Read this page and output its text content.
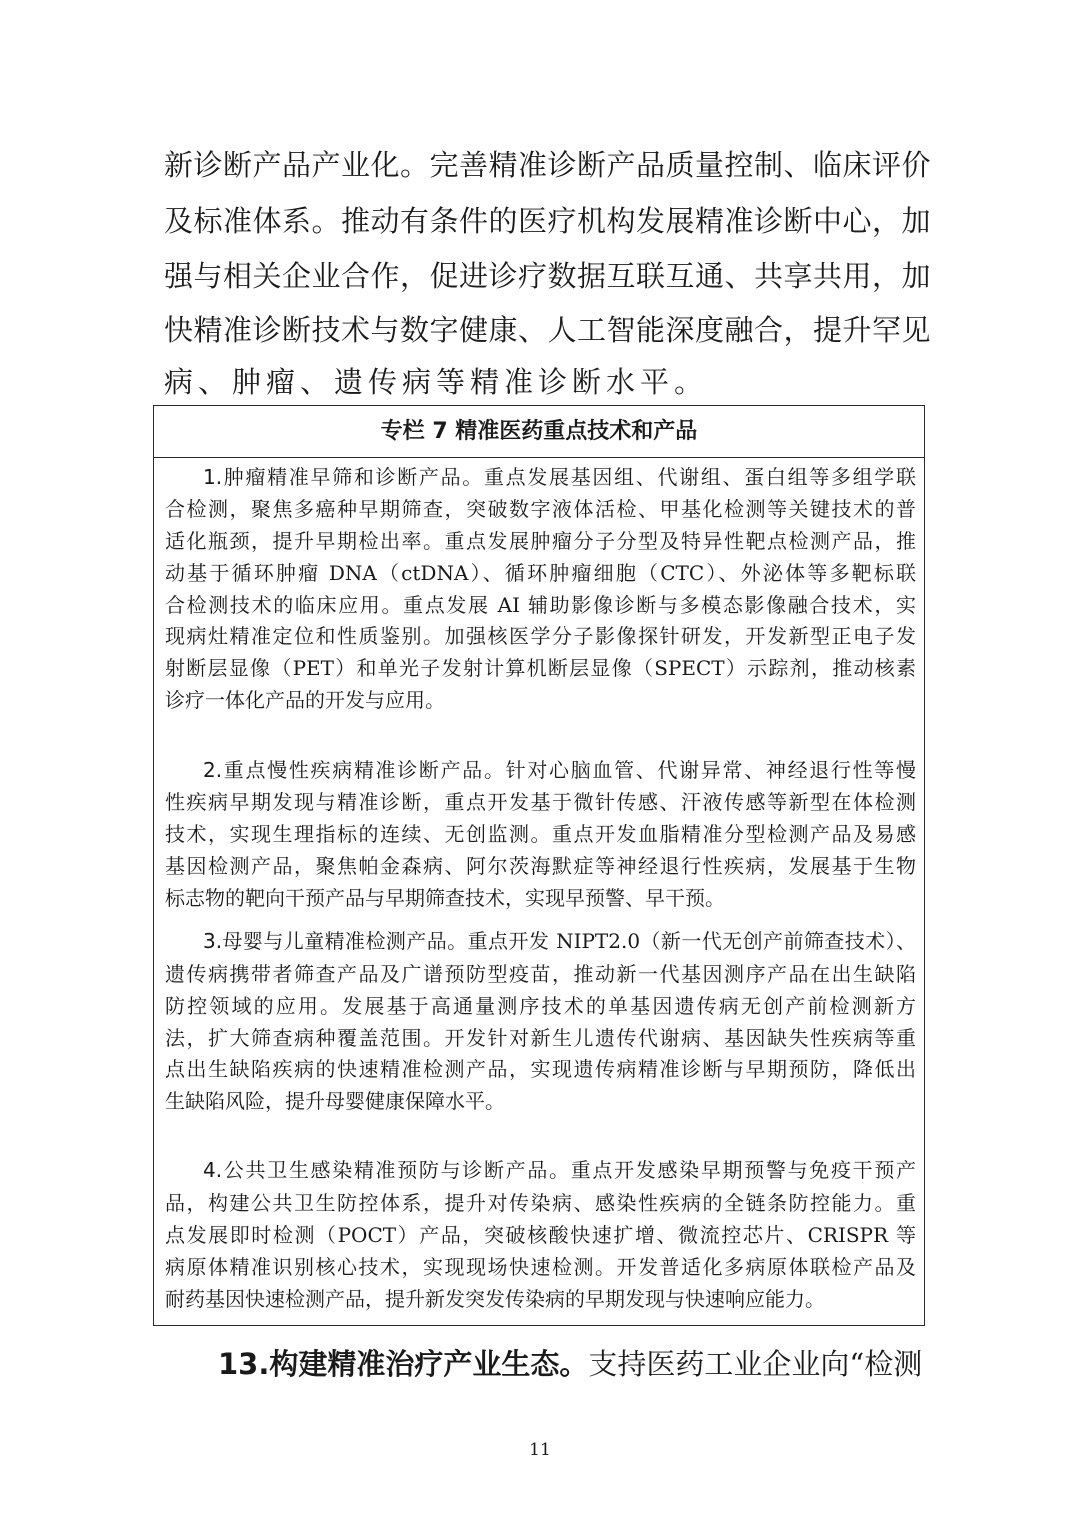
新诊断产品产业化。完善精准诊断产品质量控制、临床评价
及标准体系。推动有条件的医疗机构发展精准诊断中心，加
强与相关企业合作，促进诊疗数据互联互通、共享共用，加
快精准诊断技术与数字健康、人工智能深度融合，提升罕见
病、肿瘤、遗传病等精准诊断水平。
专栏 7 精准医药重点技术和产品
1.肿瘤精准早筛和诊断产品。重点发展基因组、代谢组、蛋白组等多组学联
合检测，聚焦多癌种早期筛查，突破数字液体活检、甲基化检测等关键技术的普
适化瓶颈，提升早期检出率。重点发展肿瘤分子分型及特异性靶点检测产品，推
动基于循环肿瘤 DNA（ctDNA）、循环肿瘤细胞（CTC）、外泌体等多靶标联
合检测技术的临床应用。重点发展 AI 辅助影像诊断与多模态影像融合技术，实
现病灶精准定位和性质鉴别。加强核医学分子影像探针研发，开发新型正电子发
射断层显像（PET）和单光子发射计算机断层显像（SPECT）示踪剂，推动核素
诊疗一体化产品的开发与应用。
2.重点慢性疾病精准诊断产品。针对心脑血管、代谢异常、神经退行性等慢
性疾病早期发现与精准诊断，重点开发基于微针传感、汗液传感等新型在体检测
技术，实现生理指标的连续、无创监测。重点开发血脂精准分型检测产品及易感
基因检测产品，聚焦帕金森病、阿尔茨海默症等神经退行性疾病，发展基于生物
标志物的靶向干预产品与早期筛查技术，实现早预警、早干预。
3.母婴与儿童精准检测产品。重点开发 NIPT2.0（新一代无创产前筛查技术）、
遗传病携带者筛查产品及广谱预防型疫苗，推动新一代基因测序产品在出生缺陷
防控领域的应用。发展基于高通量测序技术的单基因遗传病无创产前检测新方
法，扩大筛查病种覆盖范围。开发针对新生儿遗传代谢病、基因缺失性疾病等重
点出生缺陷疾病的快速精准检测产品，实现遗传病精准诊断与早期预防，降低出
生缺陷风险，提升母婴健康保障水平。
4.公共卫生感染精准预防与诊断产品。重点开发感染早期预警与免疫干预产
品，构建公共卫生防控体系，提升对传染病、感染性疾病的全链条防控能力。重
点发展即时检测（POCT）产品，突破核酸快速扩增、微流控芯片、CRISPR 等
病原体精准识别核心技术，实现现场快速检测。开发普适化多病原体联检产品及
耐药基因快速检测产品，提升新发突发传染病的早期发现与快速响应能力。
13.构建精准治疗产业生态。支持医药工业企业向“检测
11
